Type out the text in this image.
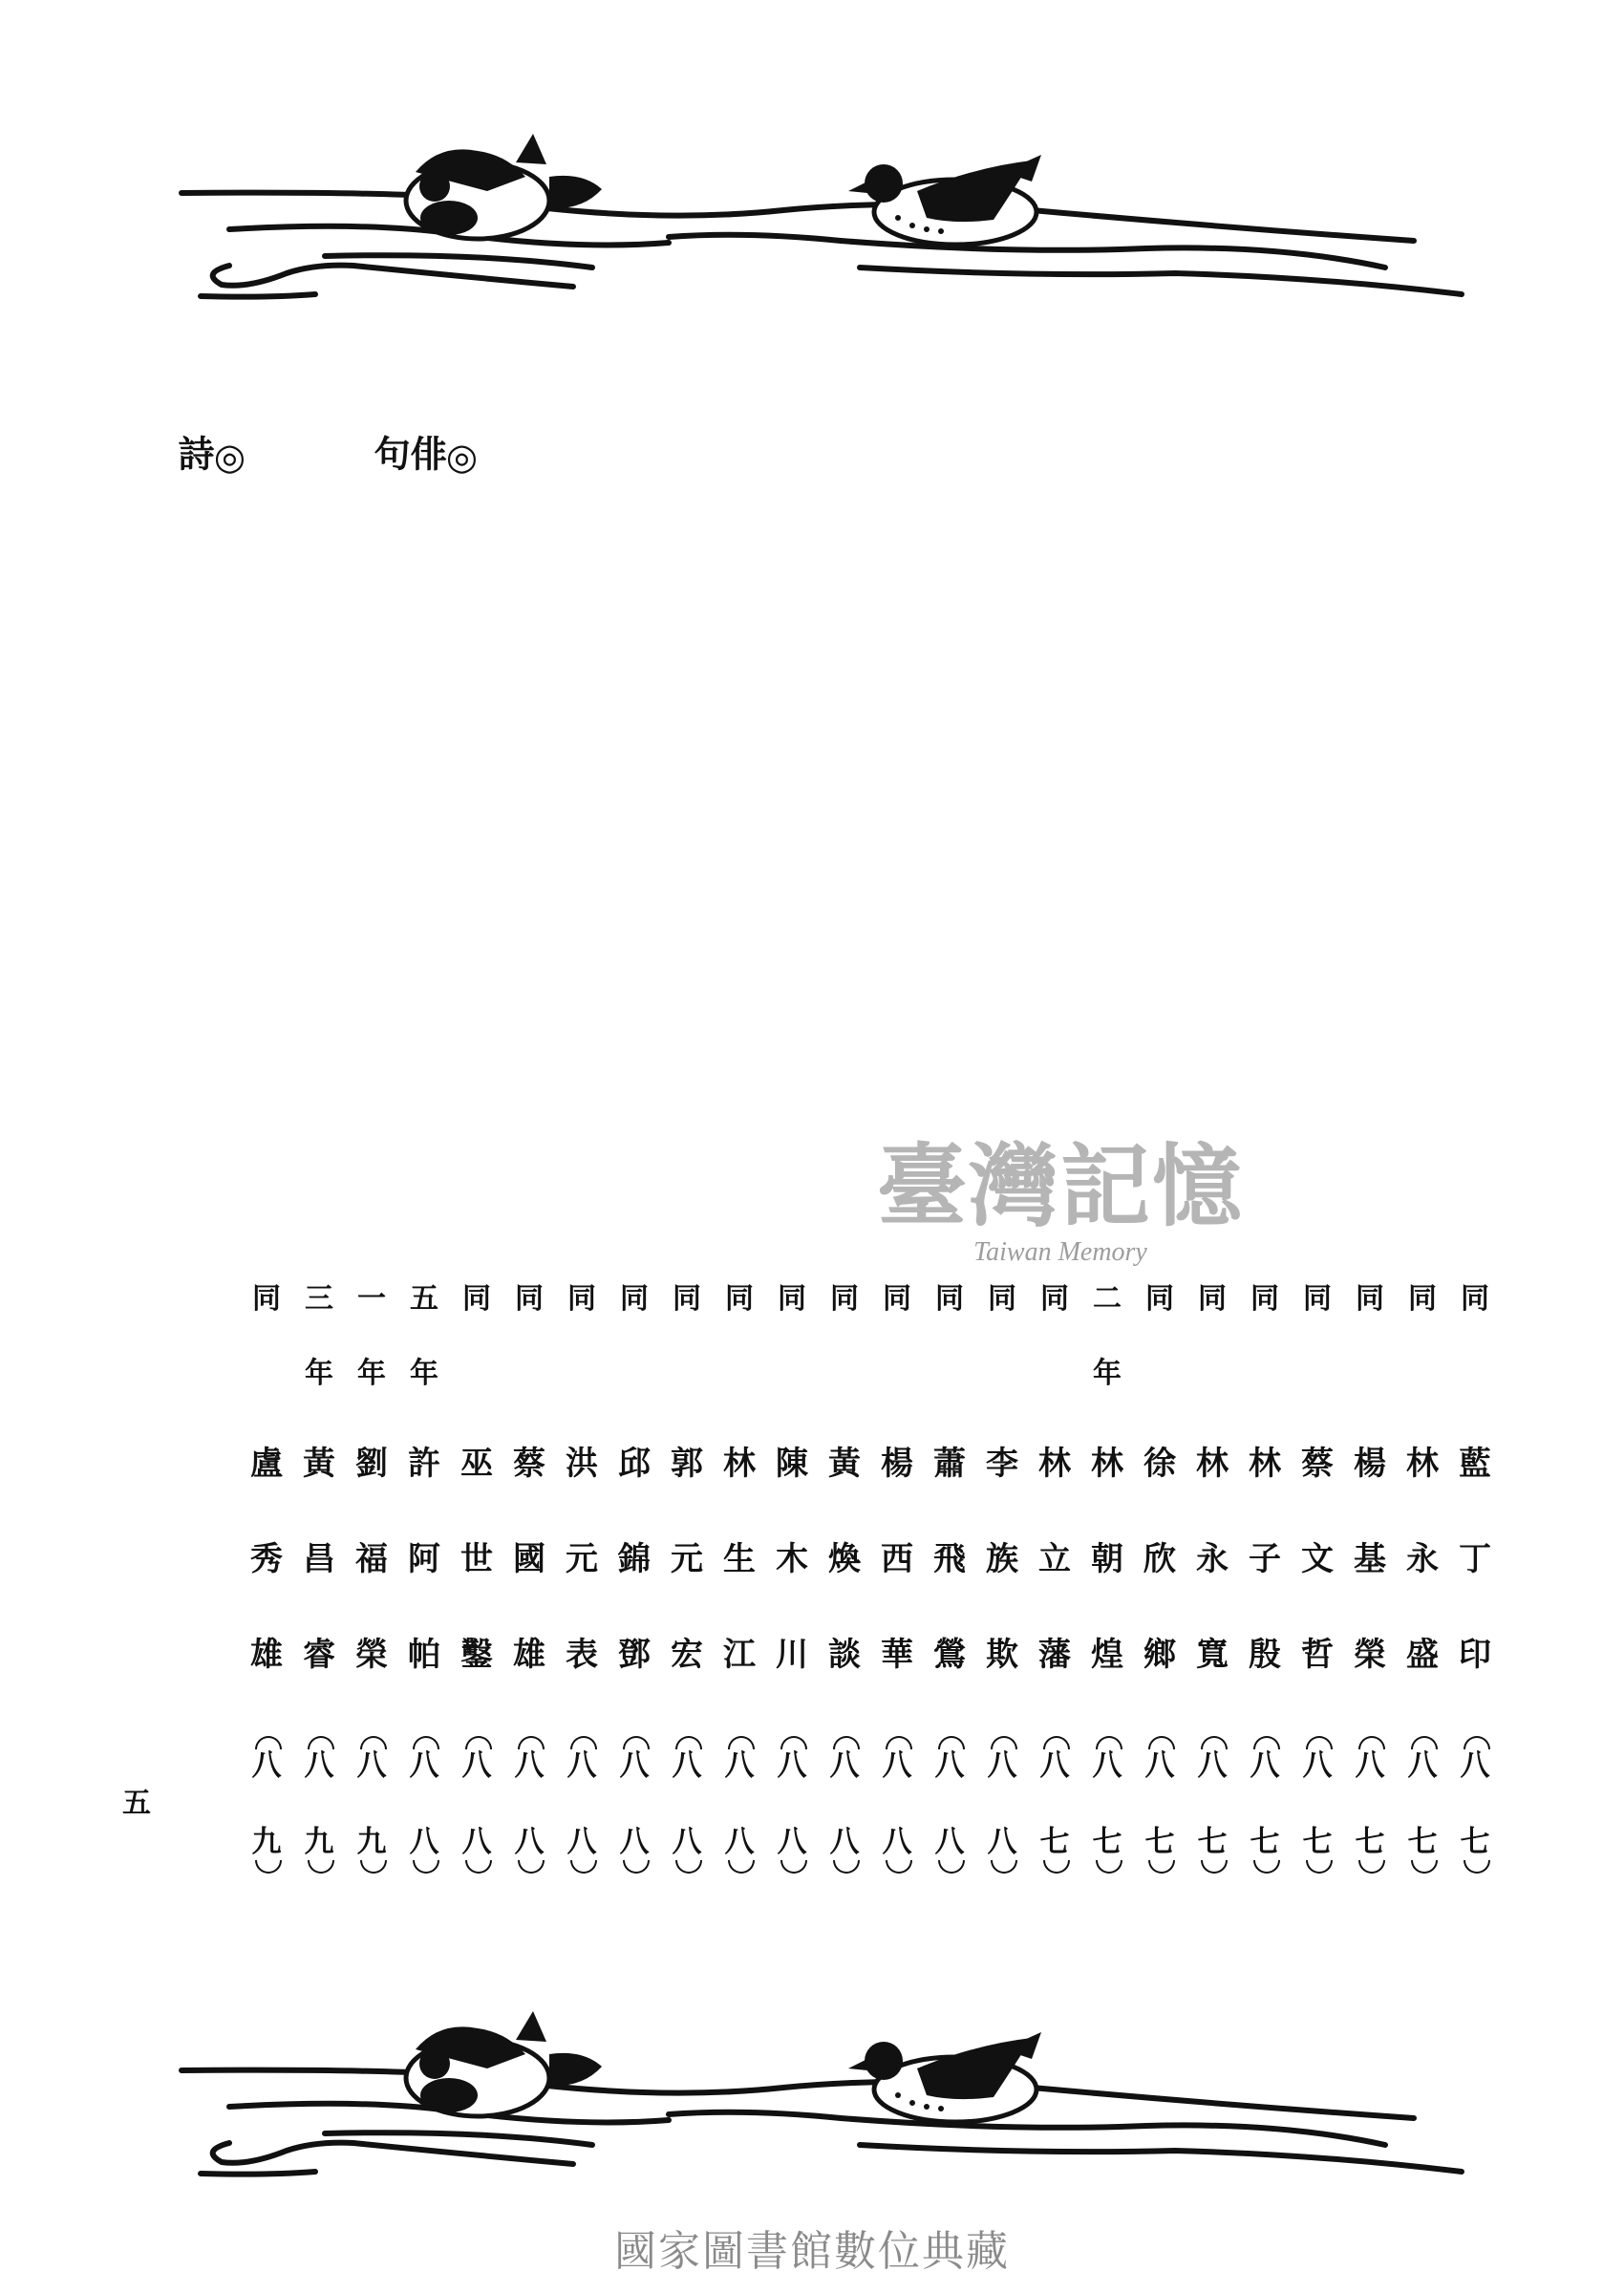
◎
詩	◎
俳
句
臺灣記憶
Taiwan Memory
同
藍
丁
印
八
七
同
林
永
盛
八
七
同
楊
基
榮
八
七
同
蔡
文
哲
八
七
同
林
子
殷
八
七
同
林
永
寬
八
七
同
徐
欣
鄉
八
七
二
年
林
朝
煌
八
七
同
林
立
藩
八
七
同
李
族
欺
八
八
同
蕭
飛
鶯
八
八
同
楊
西
華
八
八
同
黃
煥
談
八
八
同
陳
木
川
八
八
同
林
生
江
八
八
同
郭
元
宏
八
八
同
邱
錦
鄧
八
八
同
洪
元
表
八
八
同
蔡
國
雄
八
八
同
巫
世
鑿
八
八
五
年
許
阿
帕
八
八
一
年
劉
福
榮
八
九
三
年
黃
昌
睿
八
九
同
盧
秀
雄
八
九
五
國家圖書館數位典藏
